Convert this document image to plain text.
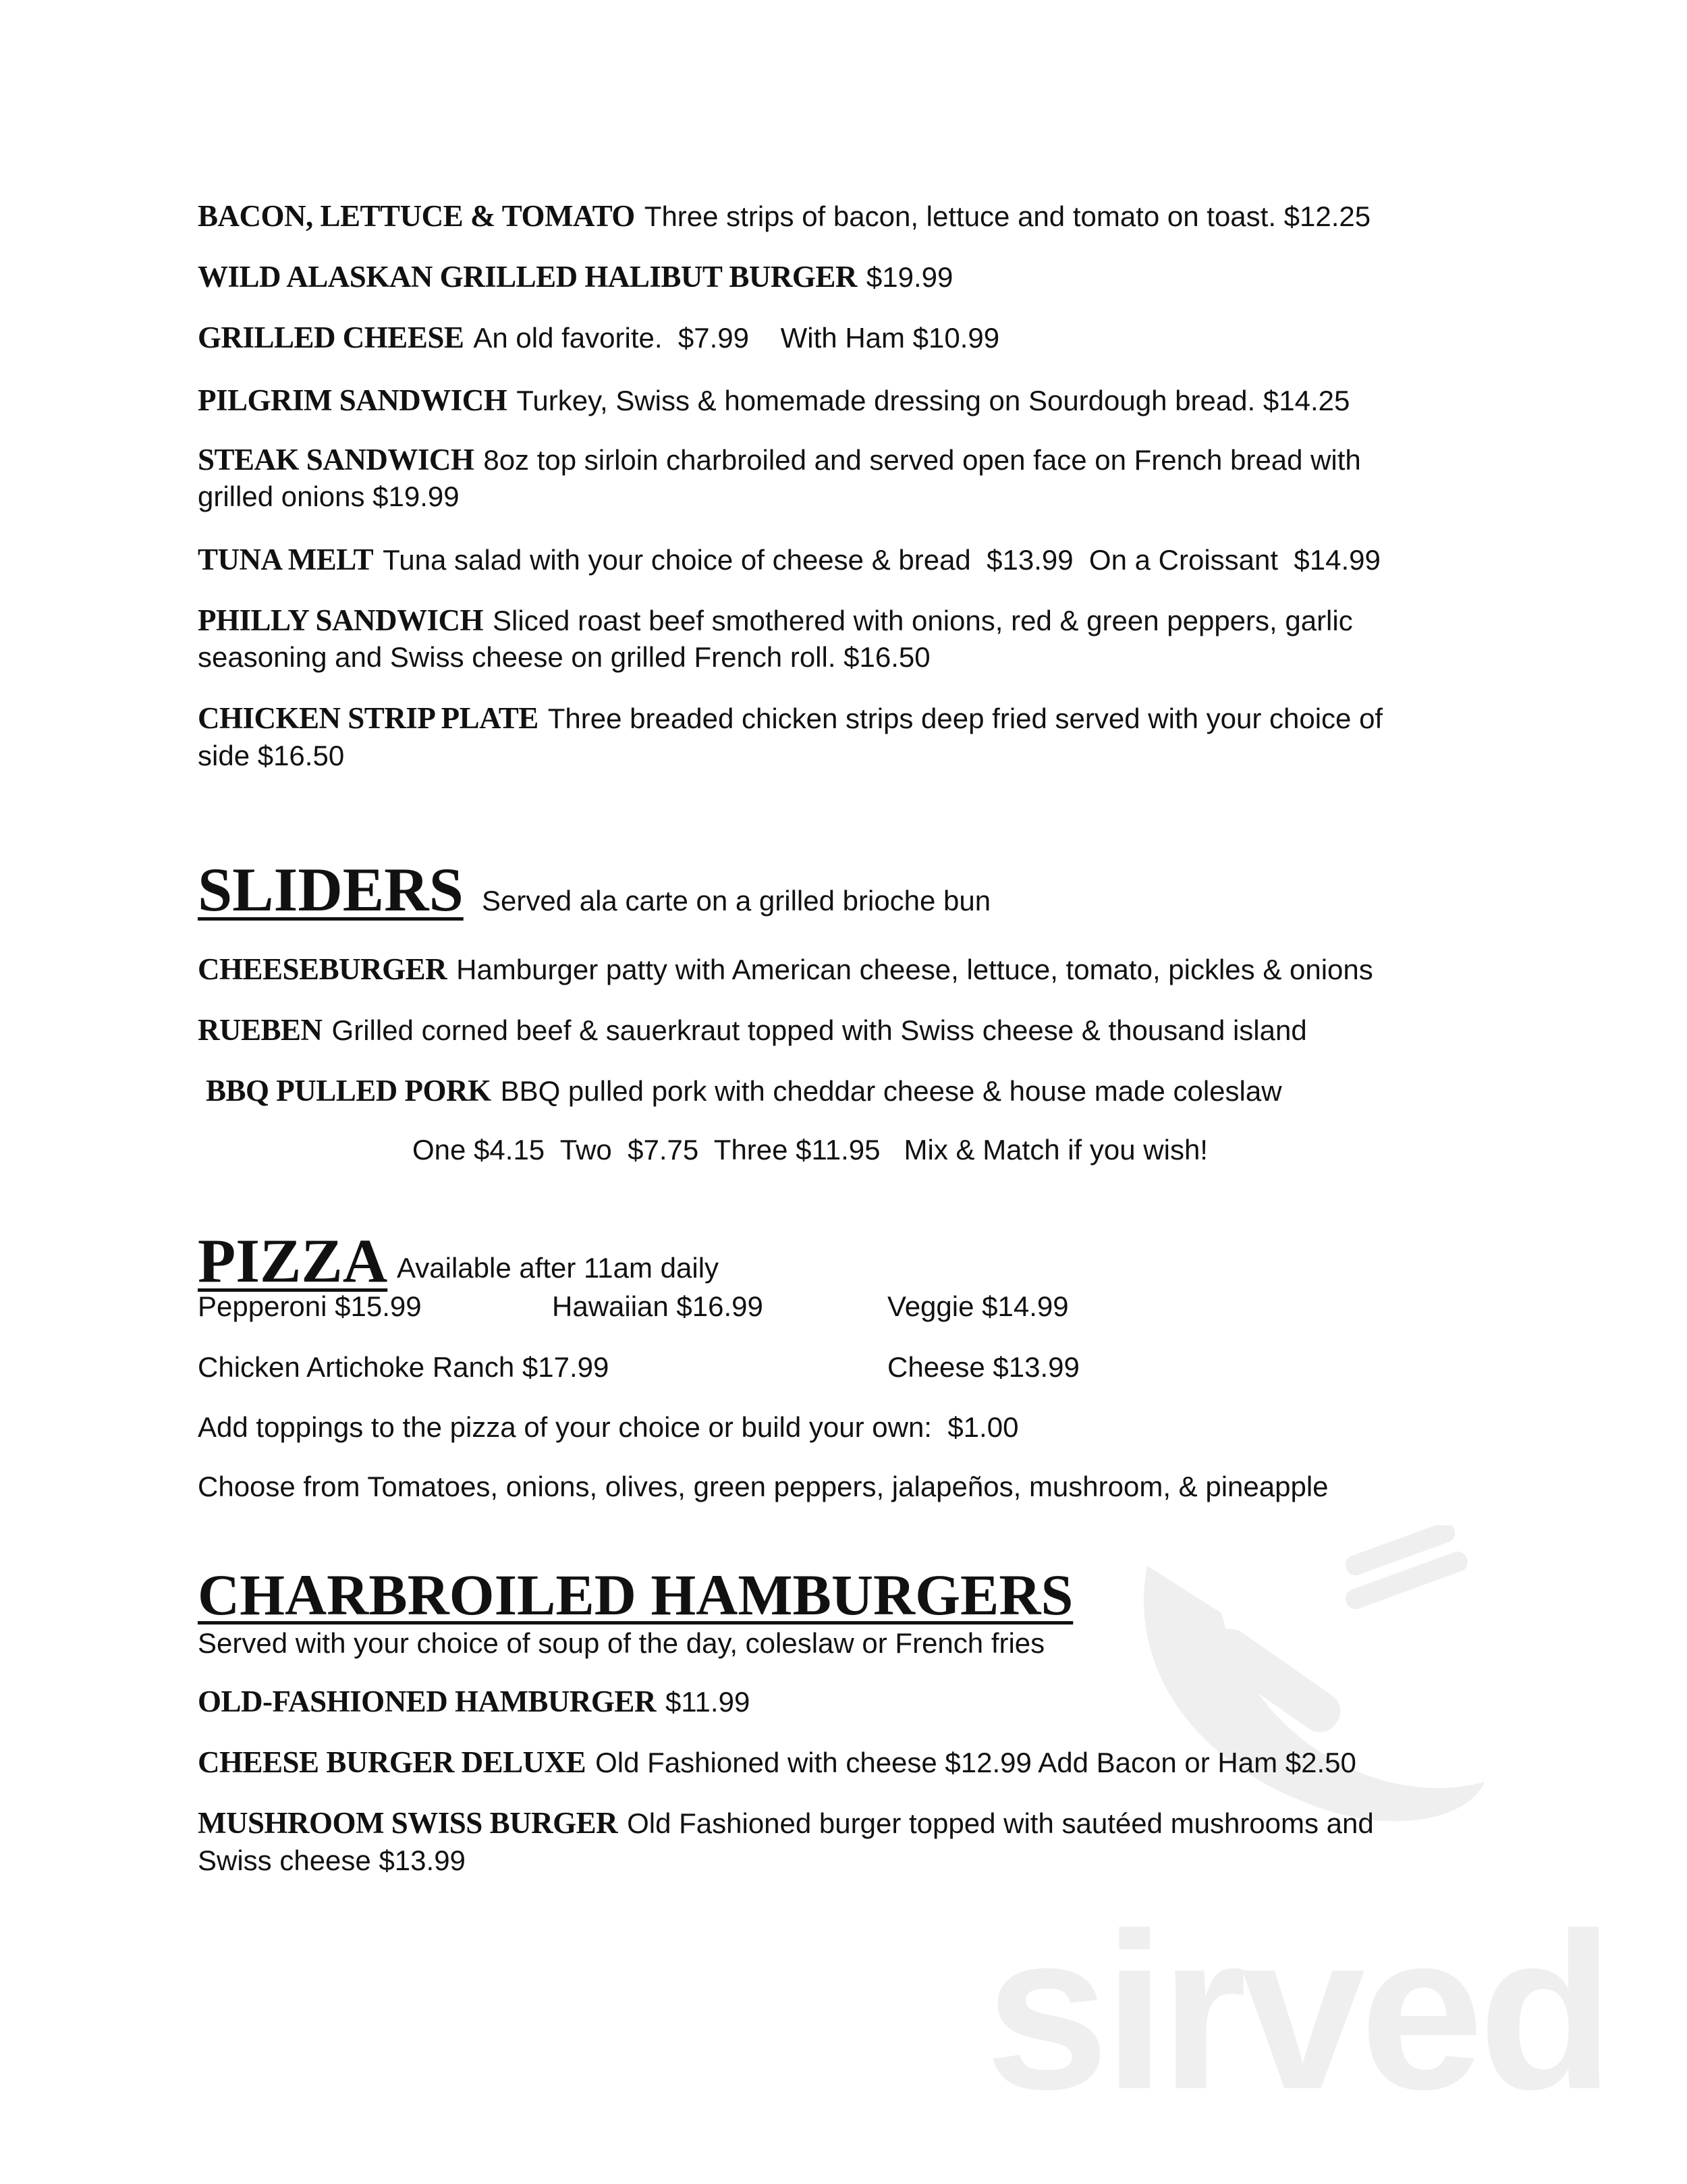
BACON, LETTUCE & TOMATO Three strips of bacon, lettuce and tomato on toast. $12.25
WILD ALASKAN GRILLED HALIBUT BURGER $19.99
GRILLED CHEESE An old favorite.  $7.99    With Ham $10.99
PILGRIM SANDWICH Turkey, Swiss & homemade dressing on Sourdough bread. $14.25
STEAK SANDWICH 8oz top sirloin charbroiled and served open face on French bread with
grilled onions $19.99
TUNA MELT Tuna salad with your choice of cheese & bread  $13.99  On a Croissant  $14.99
PHILLY SANDWICH Sliced roast beef smothered with onions, red & green peppers, garlic
seasoning and Swiss cheese on grilled French roll. $16.50
CHICKEN STRIP PLATE Three breaded chicken strips deep fried served with your choice of
side $16.50
SLIDERS Served ala carte on a grilled brioche bun
CHEESEBURGER Hamburger patty with American cheese, lettuce, tomato, pickles & onions
RUEBEN Grilled corned beef & sauerkraut topped with Swiss cheese & thousand island
BBQ PULLED PORK BBQ pulled pork with cheddar cheese & house made coleslaw
One $4.15  Two  $7.75  Three $11.95   Mix & Match if you wish!
PIZZA Available after 11am daily
Pepperoni $15.99	Hawaiian $16.99	Veggie $14.99
Chicken Artichoke Ranch $17.99	Cheese $13.99
Add toppings to the pizza of your choice or build your own:  $1.00
Choose from Tomatoes, onions, olives, green peppers, jalapeños, mushroom, & pineapple
sirved
CHARBROILED HAMBURGERS
Served with your choice of soup of the day, coleslaw or French fries
OLD-FASHIONED HAMBURGER $11.99
CHEESE BURGER DELUXE Old Fashioned with cheese $12.99 Add Bacon or Ham $2.50
MUSHROOM SWISS BURGER Old Fashioned burger topped with sautéed mushrooms and
Swiss cheese $13.99
